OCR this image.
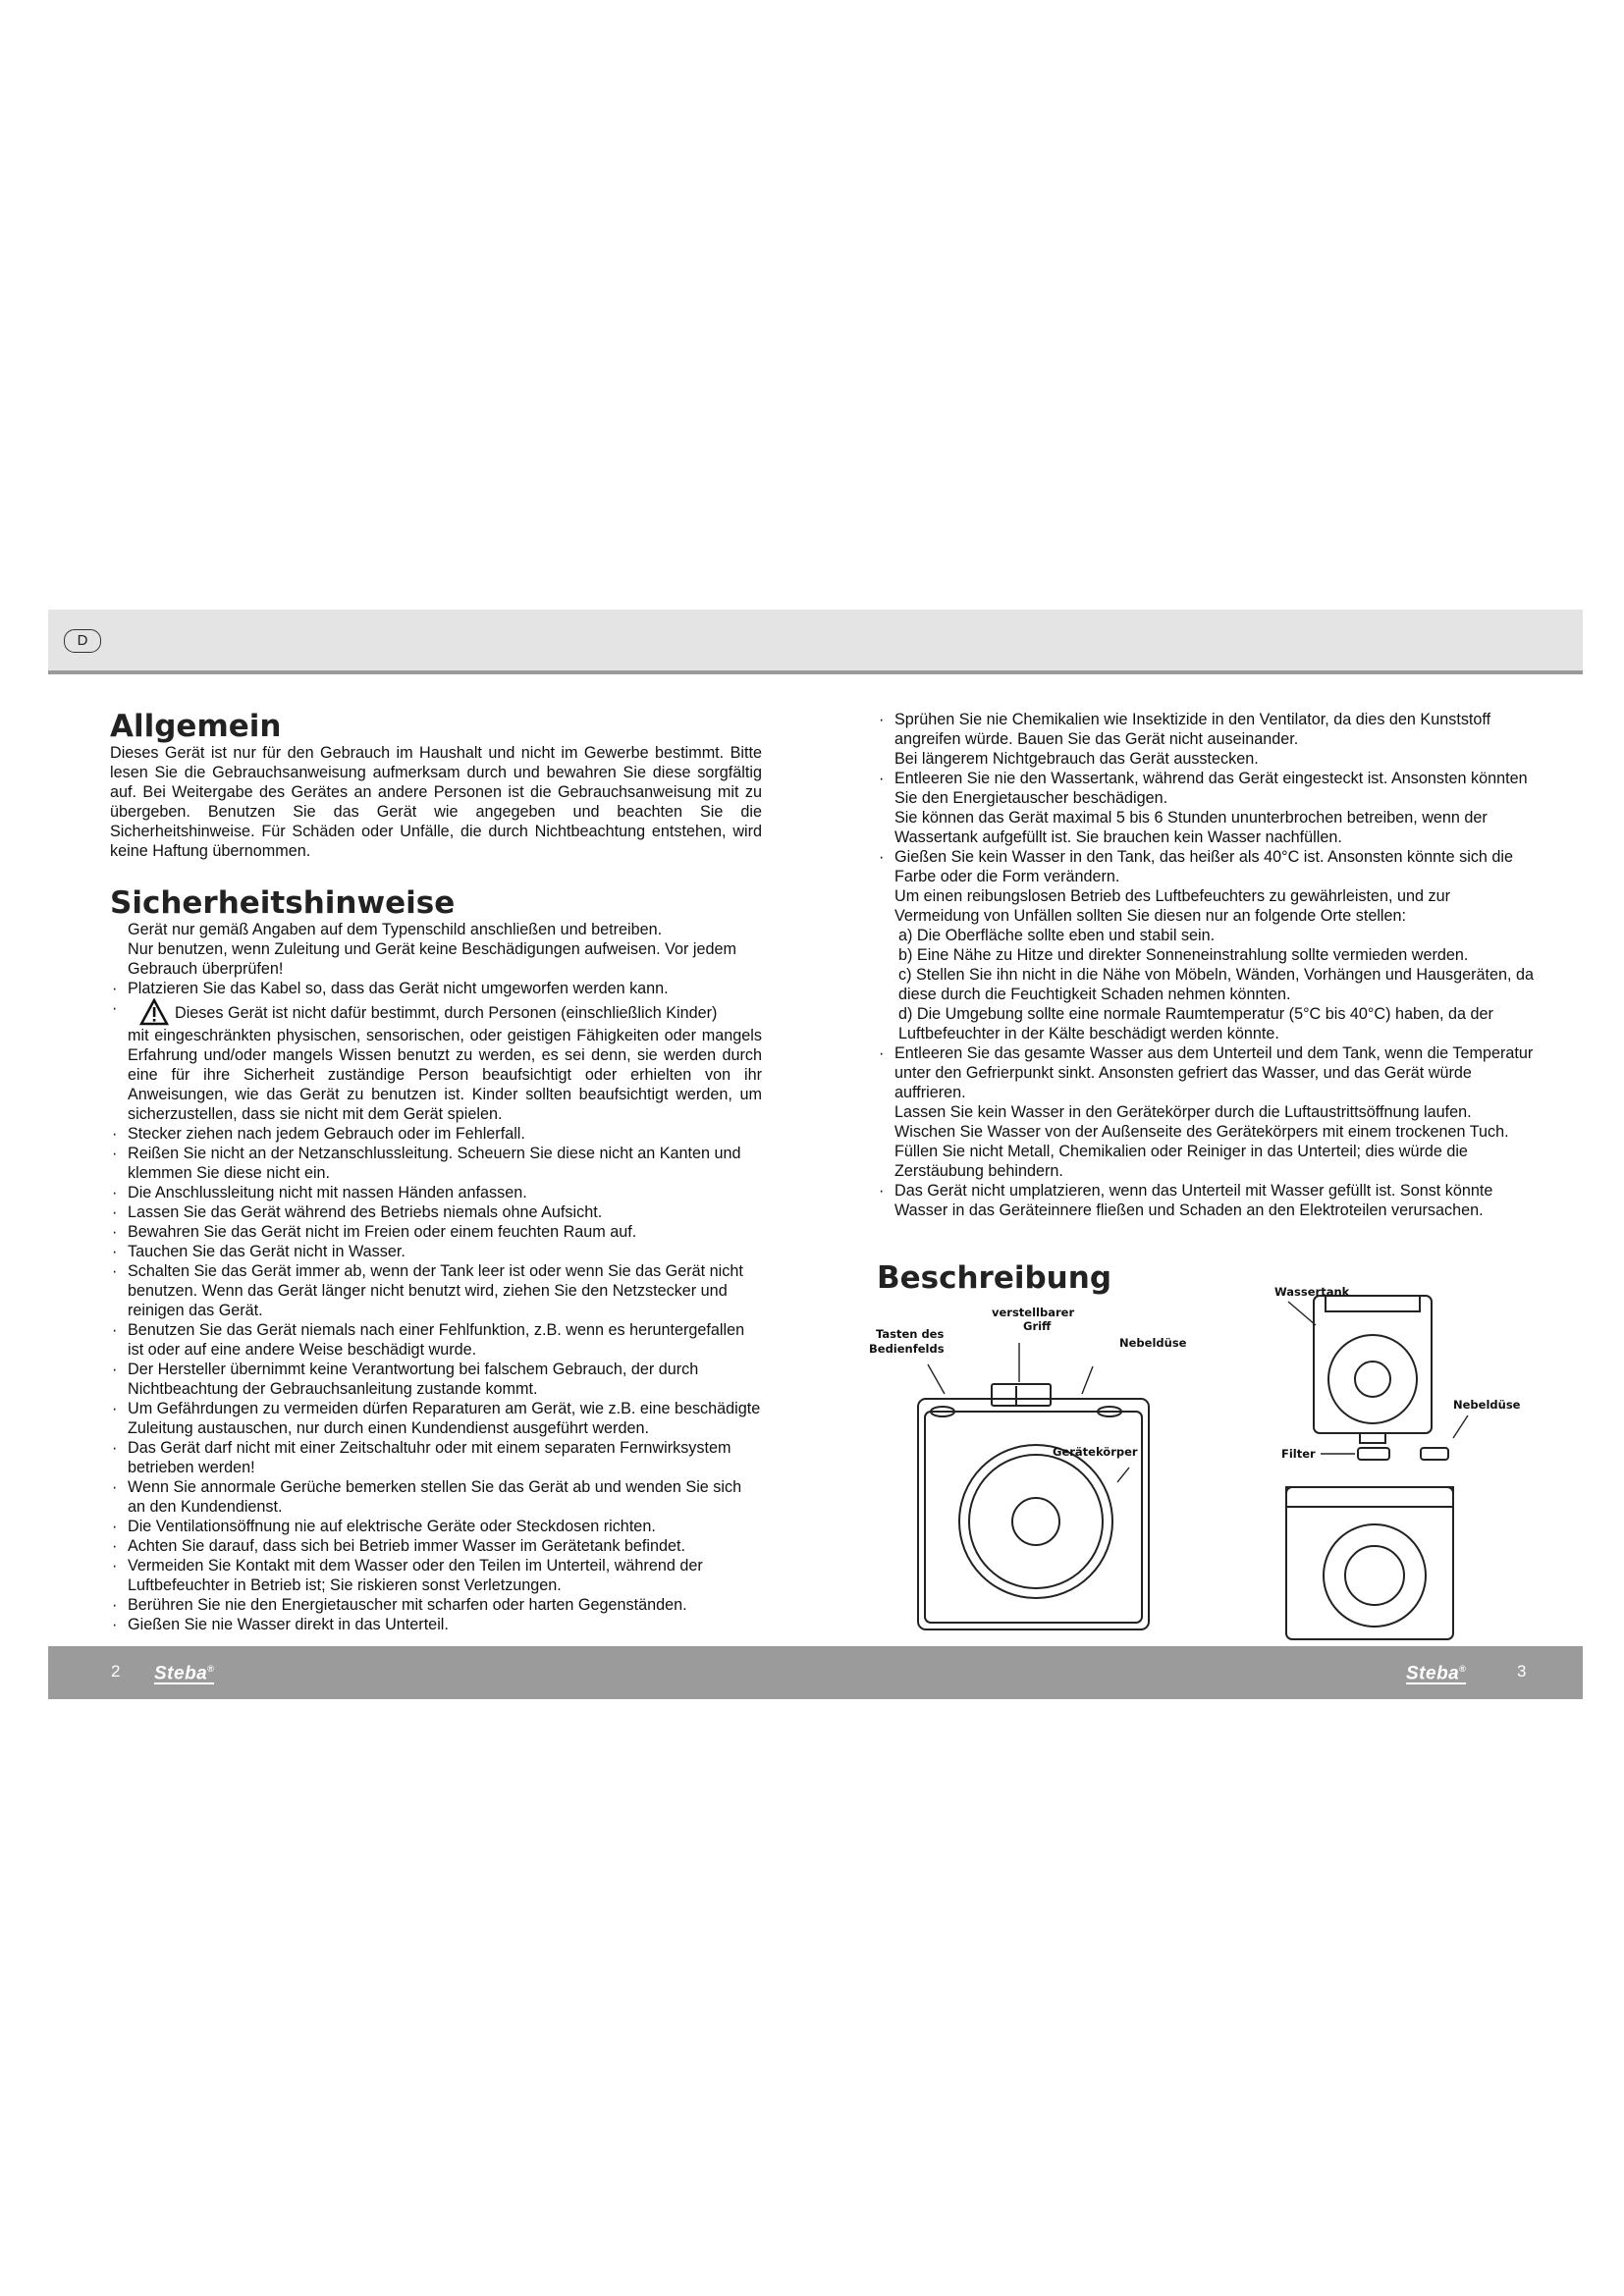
D
Allgemein

Dieses Gerät ist nur für den Gebrauch im Haushalt und nicht im Gewerbe bestimmt. Bitte lesen Sie die Gebrauchsanweisung aufmerksam durch und bewahren Sie diese sorgfältig auf. Bei Weitergabe des Gerätes an andere Personen ist die Gebrauchsanweisung mit zu übergeben. Benutzen Sie das Gerät wie angegeben und beachten Sie die Sicherheitshinweise. Für Schäden oder Unfälle, die durch Nichtbeachtung entstehen, wird keine Haftung übernommen.

Sicherheitshinweise
Gerät nur gemäß Angaben auf dem Typenschild anschließen und betreiben.
Nur benutzen, wenn Zuleitung und Gerät keine Beschädigungen aufweisen. Vor jedem Gebrauch überprüfen!
· Platzieren Sie das Kabel so, dass das Gerät nicht umgeworfen werden kann.
·	Dieses Gerät ist nicht dafür bestimmt, durch Personen (einschließlich Kinder)
mit eingeschränkten physischen, sensorischen, oder geistigen Fähigkeiten oder mangels Erfahrung und/oder mangels Wissen benutzt zu werden, es sei denn, sie werden durch eine für ihre Sicherheit zuständige Person beaufsichtigt oder erhielten von ihr Anweisungen, wie das Gerät zu benutzen ist. Kinder sollten beaufsichtigt werden, um sicherzustellen, dass sie nicht mit dem Gerät spielen.
· Stecker ziehen nach jedem Gebrauch oder im Fehlerfall.
· Reißen Sie nicht an der Netzanschlussleitung. Scheuern Sie diese nicht an Kanten und klemmen Sie diese nicht ein.
· Die Anschlussleitung nicht mit nassen Händen anfassen.
· Lassen Sie das Gerät während des Betriebs niemals ohne Aufsicht.
· Bewahren Sie das Gerät nicht im Freien oder einem feuchten Raum auf.
· Tauchen Sie das Gerät nicht in Wasser.
· Schalten Sie das Gerät immer ab, wenn der Tank leer ist oder wenn Sie das Gerät nicht benutzen. Wenn das Gerät länger nicht benutzt wird, ziehen Sie den Netzstecker und reinigen das Gerät.
· Benutzen Sie das Gerät niemals nach einer Fehlfunktion, z.B. wenn es heruntergefallen ist oder auf eine andere Weise beschädigt wurde.
· Der Hersteller übernimmt keine Verantwortung bei falschem Gebrauch, der durch Nichtbeachtung der Gebrauchsanleitung zustande kommt.
· Um Gefährdungen zu vermeiden dürfen Reparaturen am Gerät, wie z.B. eine beschädigte Zuleitung austauschen, nur durch einen Kundendienst ausgeführt werden.
· Das Gerät darf nicht mit einer Zeitschaltuhr oder mit einem separaten Fernwirksystem betrieben werden!
· Wenn Sie annormale Gerüche bemerken stellen Sie das Gerät ab und wenden Sie sich an den Kundendienst.
· Die Ventilationsöffnung nie auf elektrische Geräte oder Steckdosen richten.
· Achten Sie darauf, dass sich bei Betrieb immer Wasser im Gerätetank befindet.
· Vermeiden Sie Kontakt mit dem Wasser oder den Teilen im Unterteil, während der Luftbefeuchter in Betrieb ist; Sie riskieren sonst Verletzungen.
· Berühren Sie nie den Energietauscher mit scharfen oder harten Gegenständen.
· Gießen Sie nie Wasser direkt in das Unterteil.
· Sprühen Sie nie Chemikalien wie Insektizide in den Ventilator, da dies den Kunststoff angreifen würde. Bauen Sie das Gerät nicht auseinander.
Bei längerem Nichtgebrauch das Gerät ausstecken.
· Entleeren Sie nie den Wassertank, während das Gerät eingesteckt ist. Ansonsten könnten Sie den Energietauscher beschädigen.
Sie können das Gerät maximal 5 bis 6 Stunden ununterbrochen betreiben, wenn der Wassertank aufgefüllt ist. Sie brauchen kein Wasser nachfüllen.
· Gießen Sie kein Wasser in den Tank, das heißer als 40°C ist. Ansonsten könnte sich die Farbe oder die Form verändern.
Um einen reibungslosen Betrieb des Luftbefeuchters zu gewährleisten, und zur Vermeidung von Unfällen sollten Sie diesen nur an folgende Orte stellen:
a) Die Oberfläche sollte eben und stabil sein.
b) Eine Nähe zu Hitze und direkter Sonneneinstrahlung sollte vermieden werden.
c) Stellen Sie ihn nicht in die Nähe von Möbeln, Wänden, Vorhängen und Hausgeräten, da diese durch die Feuchtigkeit Schaden nehmen könnten.
d) Die Umgebung sollte eine normale Raumtemperatur (5°C bis 40°C) haben, da der Luftbefeuchter in der Kälte beschädigt werden könnte.
· Entleeren Sie das gesamte Wasser aus dem Unterteil und dem Tank, wenn die Temperatur unter den Gefrierpunkt sinkt. Ansonsten gefriert das Wasser, und das Gerät würde auffrieren.
Lassen Sie kein Wasser in den Gerätekörper durch die Luftaustrittsöffnung laufen.
Wischen Sie Wasser von der Außenseite des Gerätekörpers mit einem trockenen Tuch.
Füllen Sie nicht Metall, Chemikalien oder Reiniger in das Unterteil; dies würde die Zerstäubung behindern.
· Das Gerät nicht umplatzieren, wenn das Unterteil mit Wasser gefüllt ist. Sonst könnte Wasser in das Geräteinnere fließen und Schaden an den Elektroteilen verursachen.
Beschreibung
Tasten des
Bedienfelds
verstellbarer
Griff
Nebeldüse
Gerätekörper
Wassertank
Nebeldüse
Filter
2 Steba®	Steba®	3
